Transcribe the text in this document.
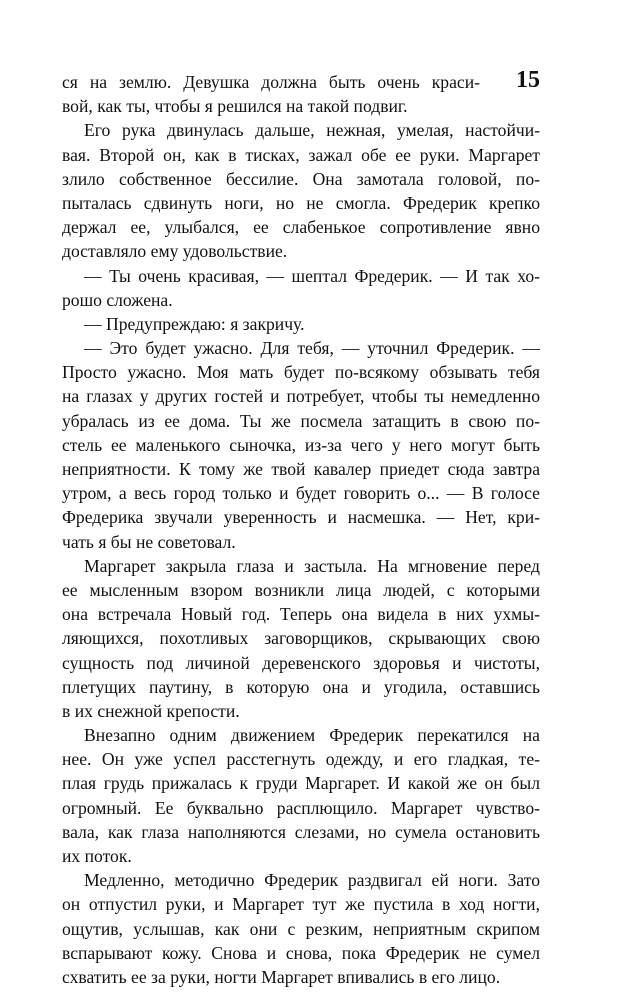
15
ся на землю. Девушка должна быть очень краси-
вой, как ты, чтобы я решился на такой подвиг.
Его рука двинулась дальше, нежная, умелая, настойчи-
вая. Второй он, как в тисках, зажал обе ее руки. Маргарет
злило собственное бессилие. Она замотала головой, по-
пыталась сдвинуть ноги, но не смогла. Фредерик крепко
держал ее, улыбался, ее слабенькое сопротивление явно
доставляло ему удовольствие.
— Ты очень красивая, — шептал Фредерик. — И так хо-
рошо сложена.
— Предупреждаю: я закричу.
— Это будет ужасно. Для тебя, — уточнил Фредерик. —
Просто ужасно. Моя мать будет по-всякому обзывать тебя
на глазах у других гостей и потребует, чтобы ты немедленно
убралась из ее дома. Ты же посмела затащить в свою по-
стель ее маленького сыночка, из-за чего у него могут быть
неприятности. К тому же твой кавалер приедет сюда завтра
утром, а весь город только и будет говорить о... — В голосе
Фредерика звучали уверенность и насмешка. — Нет, кри-
чать я бы не советовал.
Маргарет закрыла глаза и застыла. На мгновение перед
ее мысленным взором возникли лица людей, с которыми
она встречала Новый год. Теперь она видела в них ухмы-
ляющихся, похотливых заговорщиков, скрывающих свою
сущность под личиной деревенского здоровья и чистоты,
плетущих паутину, в которую она и угодила, оставшись
в их снежной крепости.
Внезапно одним движением Фредерик перекатился на
нее. Он уже успел расстегнуть одежду, и его гладкая, те-
плая грудь прижалась к груди Маргарет. И какой же он был
огромный. Ее буквально расплющило. Маргарет чувство-
вала, как глаза наполняются слезами, но сумела остановить
их поток.
Медленно, методично Фредерик раздвигал ей ноги. Зато
он отпустил руки, и Маргарет тут же пустила в ход ногти,
ощутив, услышав, как они с резким, неприятным скрипом
вспарывают кожу. Снова и снова, пока Фредерик не сумел
схватить ее за руки, ногти Маргарет впивались в его лицо.
